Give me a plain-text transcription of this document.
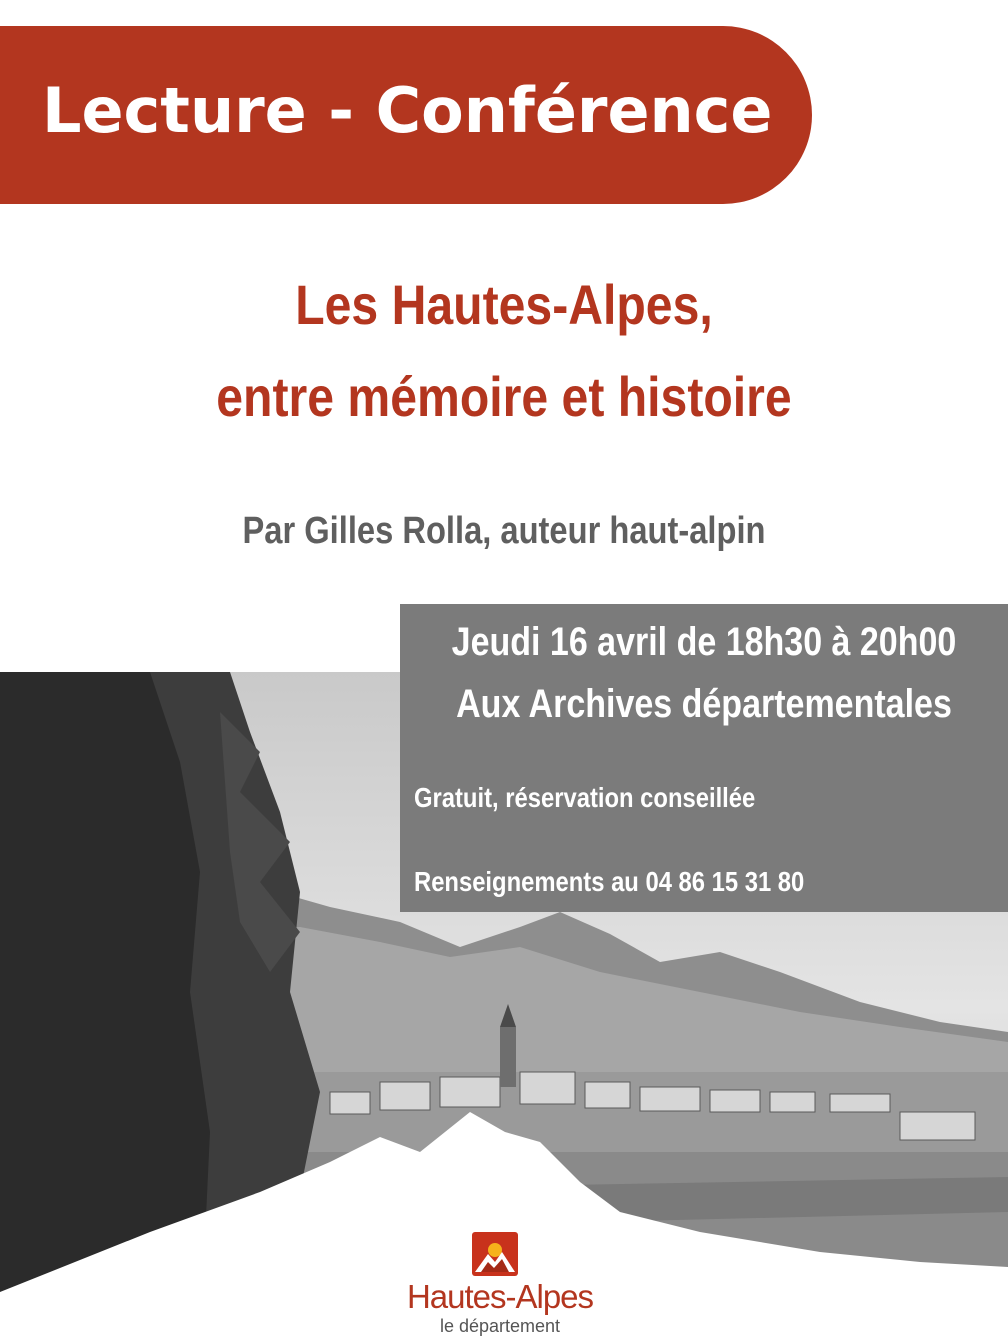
Lecture - Conférence
Les Hautes-Alpes,
entre mémoire et histoire
Par Gilles Rolla, auteur haut-alpin
Jeudi 16 avril de 18h30 à 20h00
Aux Archives départementales
Gratuit, réservation conseillée
Renseignements au 04 86 15 31 80
Hautes-Alpes
le département
